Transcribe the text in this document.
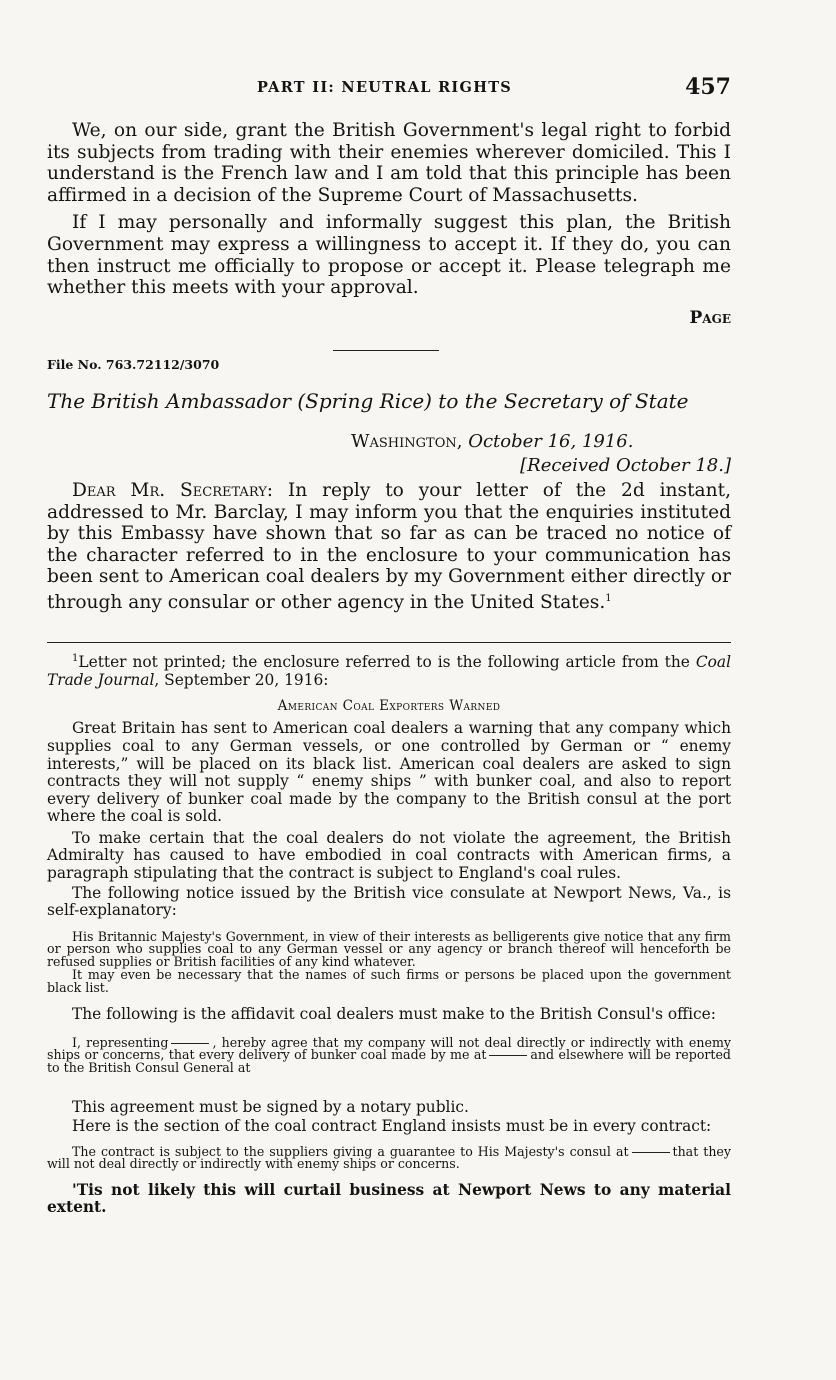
PART II: NEUTRAL RIGHTS	457

We, on our side, grant the British Government's legal right to forbid its subjects from trading with their enemies wherever domiciled. This I understand is the French law and I am told that this principle has been affirmed in a decision of the Supreme Court of Massachusetts.

If I may personally and informally suggest this plan, the British Government may express a willingness to accept it. If they do, you can then instruct me officially to propose or accept it. Please telegraph me whether this meets with your approval.

Page
File No. 763.72112/3070
The British Ambassador (Spring Rice) to the Secretary of State
Washington, October 16, 1916.
[Received October 18.]

Dear Mr. Secretary: In reply to your letter of the 2d instant, addressed to Mr. Barclay, I may inform you that the enquiries instituted by this Embassy have shown that so far as can be traced no notice of the character referred to in the enclosure to your communication has been sent to American coal dealers by my Government either directly or through any consular or other agency in the United States.$^1$

$^1$Letter not printed; the enclosure referred to is the following article from the Coal Trade Journal, September 20, 1916:

American Coal Exporters Warned

Great Britain has sent to American coal dealers a warning that any company which supplies coal to any German vessels, or one controlled by German or “ enemy interests,” will be placed on its black list. American coal dealers are asked to sign contracts they will not supply “ enemy ships ” with bunker coal, and also to report every delivery of bunker coal made by the company to the British consul at the port where the coal is sold.

To make certain that the coal dealers do not violate the agreement, the British Admiralty has caused to have embodied in coal contracts with American firms, a paragraph stipulating that the contract is subject to England's coal rules.

The following notice issued by the British vice consulate at Newport News, Va., is self-explanatory:

His Britannic Majesty's Government, in view of their interests as belligerents give notice that any firm or person who supplies coal to any German vessel or any agency or branch thereof will henceforth be refused supplies or British facilities of any kind whatever.

It may even be necessary that the names of such firms or persons be placed upon the government black list.

The following is the affidavit coal dealers must make to the British Consul's office:

I, representing	, hereby agree that my company will not deal directly or indirectly with enemy ships or concerns, that every delivery of bunker coal made by me at	and elsewhere will be reported to the British Consul General at

This agreement must be signed by a notary public.

Here is the section of the coal contract England insists must be in every contract:

The contract is subject to the suppliers giving a guarantee to His Majesty's consul at	that they will not deal directly or indirectly with enemy ships or concerns.

'Tis not likely this will curtail business at Newport News to any material extent.
